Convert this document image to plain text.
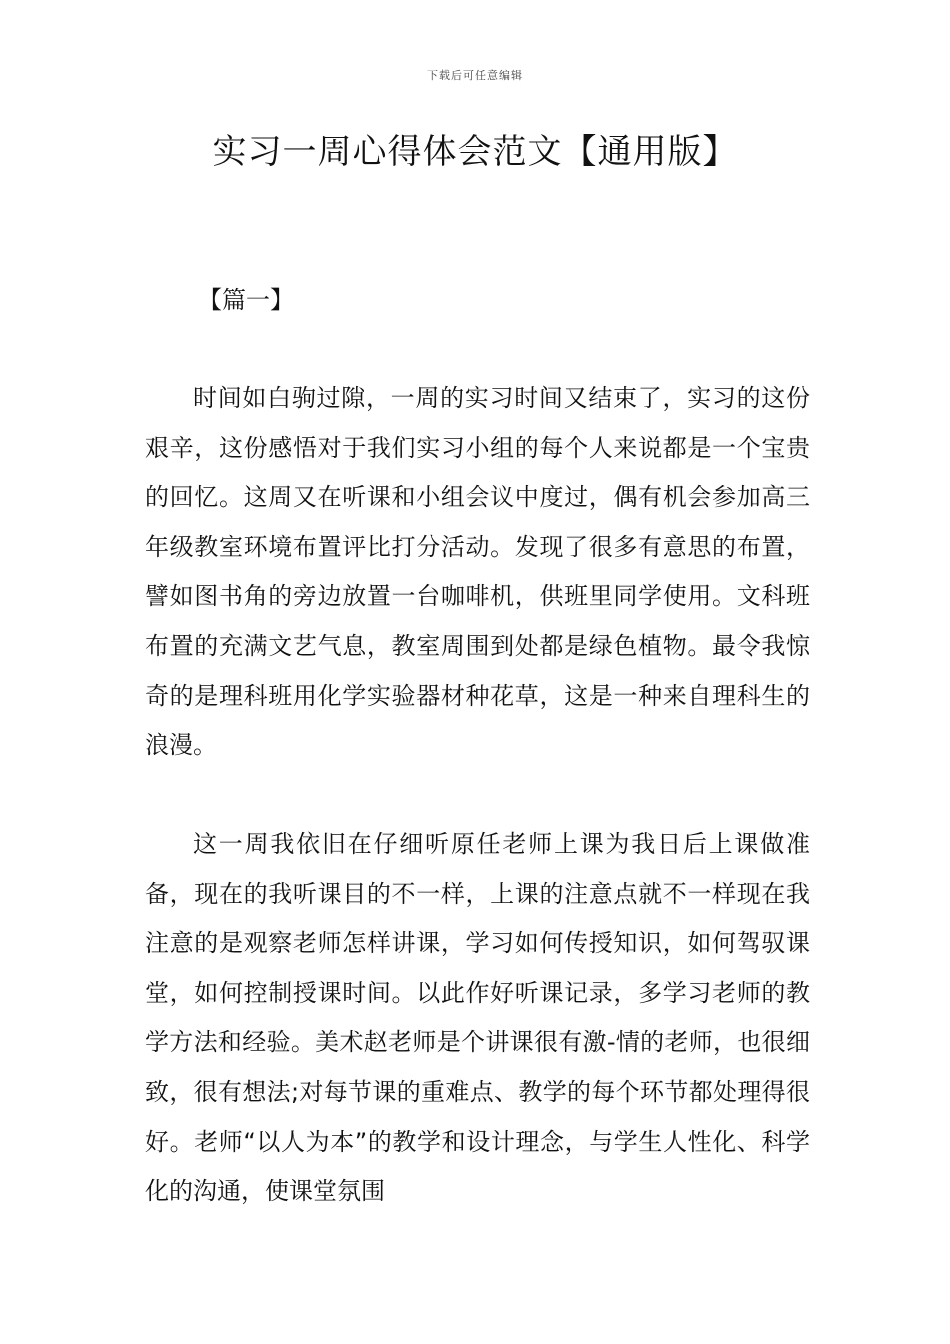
下载后可任意编辑
实习一周心得体会范文【通用版】
【篇一】

时间如白驹过隙，一周的实习时间又结束了，实习的这份艰辛，这份感悟对于我们实习小组的每个人来说都是一个宝贵的回忆。这周又在听课和小组会议中度过，偶有机会参加高三年级教室环境布置评比打分活动。发现了很多有意思的布置，譬如图书角的旁边放置一台咖啡机，供班里同学使用。文科班布置的充满文艺气息，教室周围到处都是绿色植物。最令我惊奇的是理科班用化学实验器材种花草，这是一种来自理科生的浪漫。

这一周我依旧在仔细听原任老师上课为我日后上课做准备，现在的我听课目的不一样，上课的注意点就不一样现在我注意的是观察老师怎样讲课，学习如何传授知识，如何驾驭课堂，如何控制授课时间。以此作好听课记录，多学习老师的教学方法和经验。美术赵老师是个讲课很有激-情的老师，也很细致，很有想法;对每节课的重难点、教学的每个环节都处理得很好。老师“以人为本”的教学和设计理念，与学生人性化、科学化的沟通，使课堂氛围
